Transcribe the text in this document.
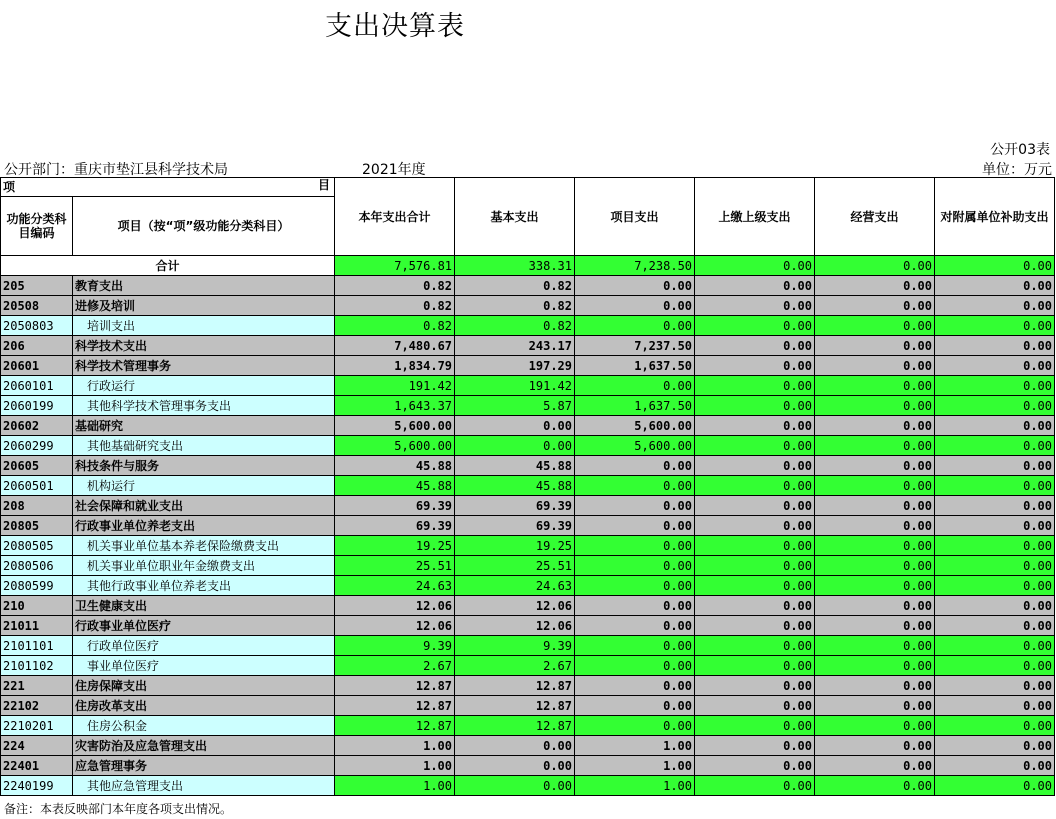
支出决算表
公开03表
公开部门：重庆市垫江县科学技术局	2021年度	单位：万元
项 目		本年支出合计	基本支出	项目支出	上缴上级支出	经营支出	对附属单位补助支出
功能分类科目编码	项目（按“项”级功能分类科目）						
合计		7,576.81	338.31	7,238.50	0.00	0.00	0.00
205	教育支出	0.82	0.82	0.00	0.00	0.00	0.00
20508	进修及培训	0.82	0.82	0.00	0.00	0.00	0.00
2050803	培训支出	0.82	0.82	0.00	0.00	0.00	0.00
206	科学技术支出	7,480.67	243.17	7,237.50	0.00	0.00	0.00
20601	科学技术管理事务	1,834.79	197.29	1,637.50	0.00	0.00	0.00
2060101	行政运行	191.42	191.42	0.00	0.00	0.00	0.00
2060199	其他科学技术管理事务支出	1,643.37	5.87	1,637.50	0.00	0.00	0.00
20602	基础研究	5,600.00	0.00	5,600.00	0.00	0.00	0.00
2060299	其他基础研究支出	5,600.00	0.00	5,600.00	0.00	0.00	0.00
20605	科技条件与服务	45.88	45.88	0.00	0.00	0.00	0.00
2060501	机构运行	45.88	45.88	0.00	0.00	0.00	0.00
208	社会保障和就业支出	69.39	69.39	0.00	0.00	0.00	0.00
20805	行政事业单位养老支出	69.39	69.39	0.00	0.00	0.00	0.00
2080505	机关事业单位基本养老保险缴费支出	19.25	19.25	0.00	0.00	0.00	0.00
2080506	机关事业单位职业年金缴费支出	25.51	25.51	0.00	0.00	0.00	0.00
2080599	其他行政事业单位养老支出	24.63	24.63	0.00	0.00	0.00	0.00
210	卫生健康支出	12.06	12.06	0.00	0.00	0.00	0.00
21011	行政事业单位医疗	12.06	12.06	0.00	0.00	0.00	0.00
2101101	行政单位医疗	9.39	9.39	0.00	0.00	0.00	0.00
2101102	事业单位医疗	2.67	2.67	0.00	0.00	0.00	0.00
221	住房保障支出	12.87	12.87	0.00	0.00	0.00	0.00
22102	住房改革支出	12.87	12.87	0.00	0.00	0.00	0.00
2210201	住房公积金	12.87	12.87	0.00	0.00	0.00	0.00
224	灾害防治及应急管理支出	1.00	0.00	1.00	0.00	0.00	0.00
22401	应急管理事务	1.00	0.00	1.00	0.00	0.00	0.00
2240199	其他应急管理支出	1.00	0.00	1.00	0.00	0.00	0.00
备注：本表反映部门本年度各项支出情况。
